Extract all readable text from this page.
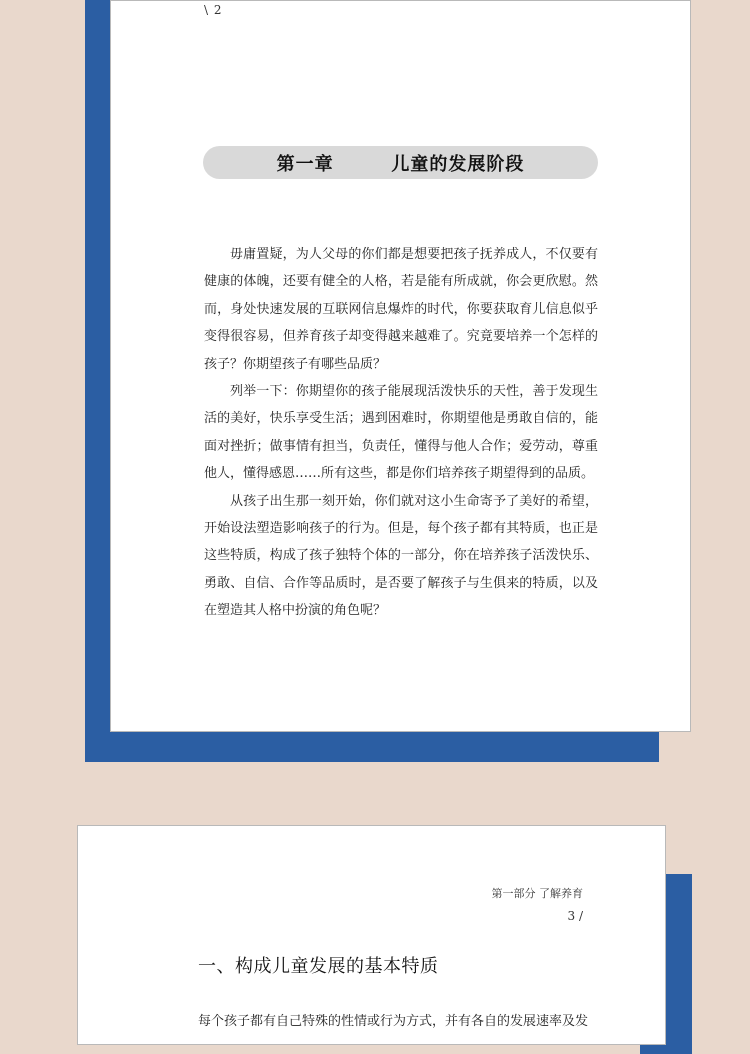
\ 2
第一章   儿童的发展阶段

毋庸置疑，为人父母的你们都是想要把孩子抚养成人，不仅要有健康的体魄，还要有健全的人格，若是能有所成就，你会更欣慰。然而，身处快速发展的互联网信息爆炸的时代，你要获取育儿信息似乎变得很容易，但养育孩子却变得越来越难了。究竟要培养一个怎样的孩子？你期望孩子有哪些品质？

列举一下：你期望你的孩子能展现活泼快乐的天性，善于发现生活的美好，快乐享受生活；遇到困难时，你期望他是勇敢自信的，能面对挫折；做事情有担当，负责任，懂得与他人合作；爱劳动，尊重他人，懂得感恩……所有这些，都是你们培养孩子期望得到的品质。

从孩子出生那一刻开始，你们就对这小生命寄予了美好的希望，开始设法塑造影响孩子的行为。但是，每个孩子都有其特质，也正是这些特质，构成了孩子独特个体的一部分，你在培养孩子活泼快乐、勇敢、自信、合作等品质时，是否要了解孩子与生俱来的特质，以及在塑造其人格中扮演的角色呢？

第一部分 了解养育
3 /
一、构成儿童发展的基本特质
每个孩子都有自己特殊的性情或行为方式，并有各自的发展速率及发
